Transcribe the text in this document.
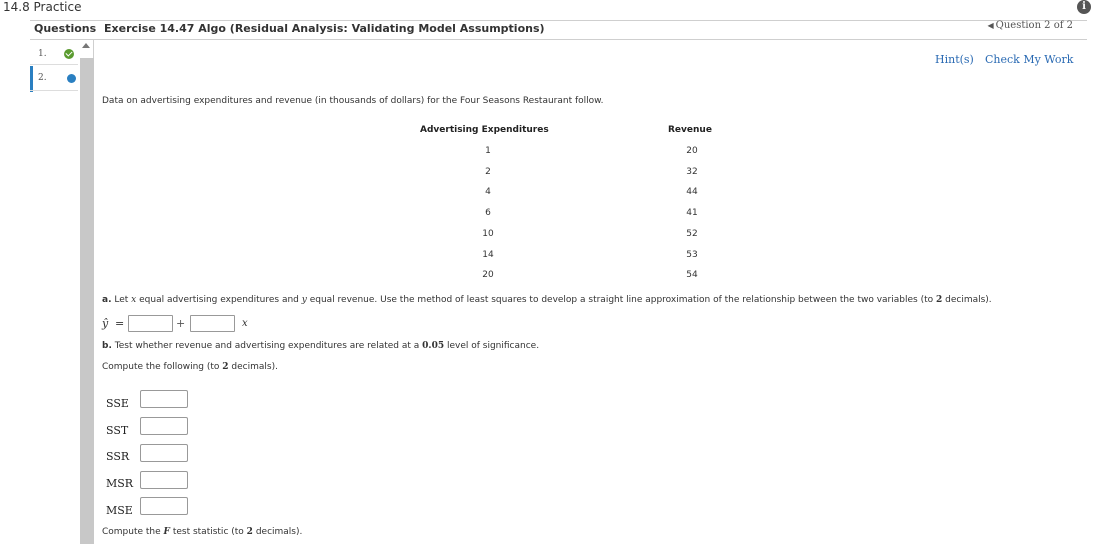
14.8 Practice	i
Questions Exercise 14.47 Algo (Residual Analysis: Validating Model Assumptions)	◀ Question 2 of 2
1.
2.
Hint(s) Check My Work
Data on advertising expenditures and revenue (in thousands of dollars) for the Four Seasons Restaurant follow.
Advertising Expenditures	Revenue
1	20
2	32
4	44
6	41
10	52
14	53
20	54
a. Let x equal advertising expenditures and y equal revenue. Use the method of least squares to develop a straight line approximation of the relationship between the two variables (to 2 decimals).
ŷ =	+	x
b. Test whether revenue and advertising expenditures are related at a 0.05 level of significance.
Compute the following (to 2 decimals).
SSE
SST
SSR
MSR
MSE
Compute the F test statistic (to 2 decimals).
